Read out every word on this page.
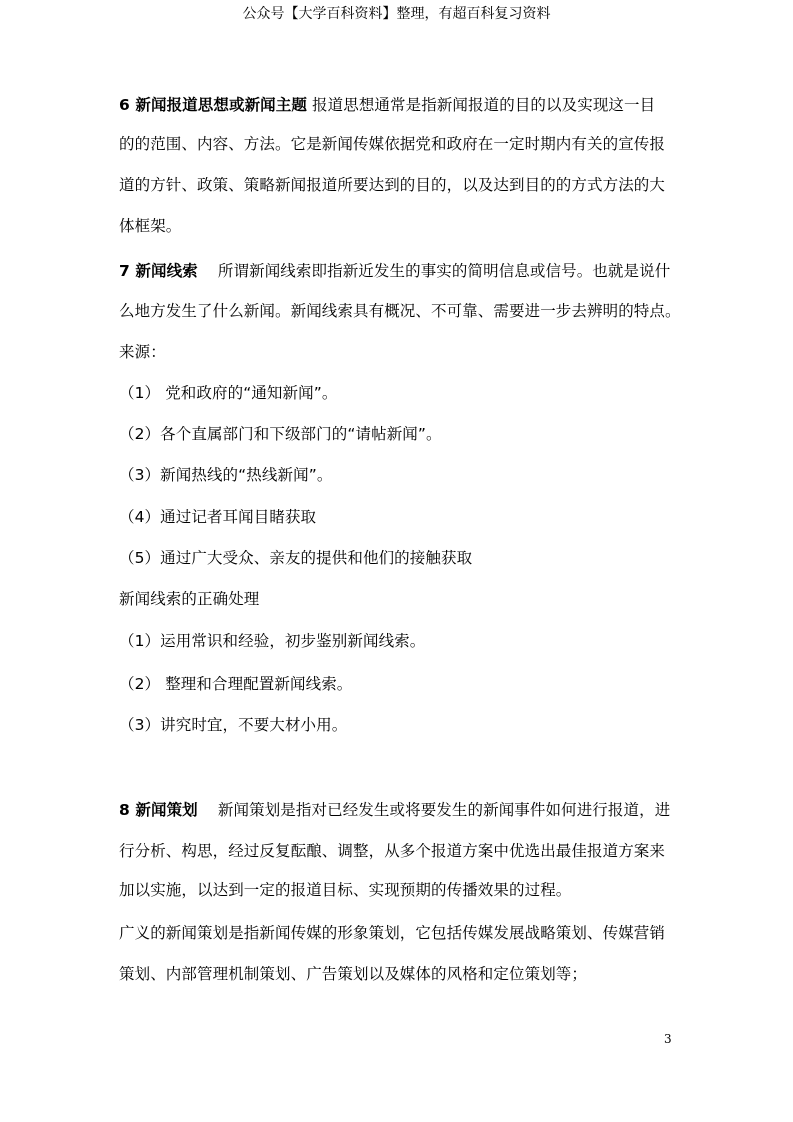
公众号【大学百科资料】整理，有超百科复习资料
6 新闻报道思想或新闻主题 报道思想通常是指新闻报道的目的以及实现这一目
的的范围、内容、方法。它是新闻传媒依据党和政府在一定时期内有关的宣传报
道的方针、政策、策略新闻报道所要达到的目的，以及达到目的的方式方法的大
体框架。
7 新闻线索 所谓新闻线索即指新近发生的事实的简明信息或信号。也就是说什
么地方发生了什么新闻。新闻线索具有概况、不可靠、需要进一步去辨明的特点。
来源：
（1） 党和政府的“通知新闻”。
（2）各个直属部门和下级部门的“请帖新闻”。
（3）新闻热线的“热线新闻”。
（4）通过记者耳闻目睹获取
（5）通过广大受众、亲友的提供和他们的接触获取
新闻线索的正确处理
（1）运用常识和经验，初步鉴别新闻线索。
（2） 整理和合理配置新闻线索。
（3）讲究时宜，不要大材小用。
8 新闻策划 新闻策划是指对已经发生或将要发生的新闻事件如何进行报道，进
行分析、构思，经过反复酝酿、调整，从多个报道方案中优选出最佳报道方案来
加以实施，以达到一定的报道目标、实现预期的传播效果的过程。
广义的新闻策划是指新闻传媒的形象策划，它包括传媒发展战略策划、传媒营销
策划、内部管理机制策划、广告策划以及媒体的风格和定位策划等；
3
